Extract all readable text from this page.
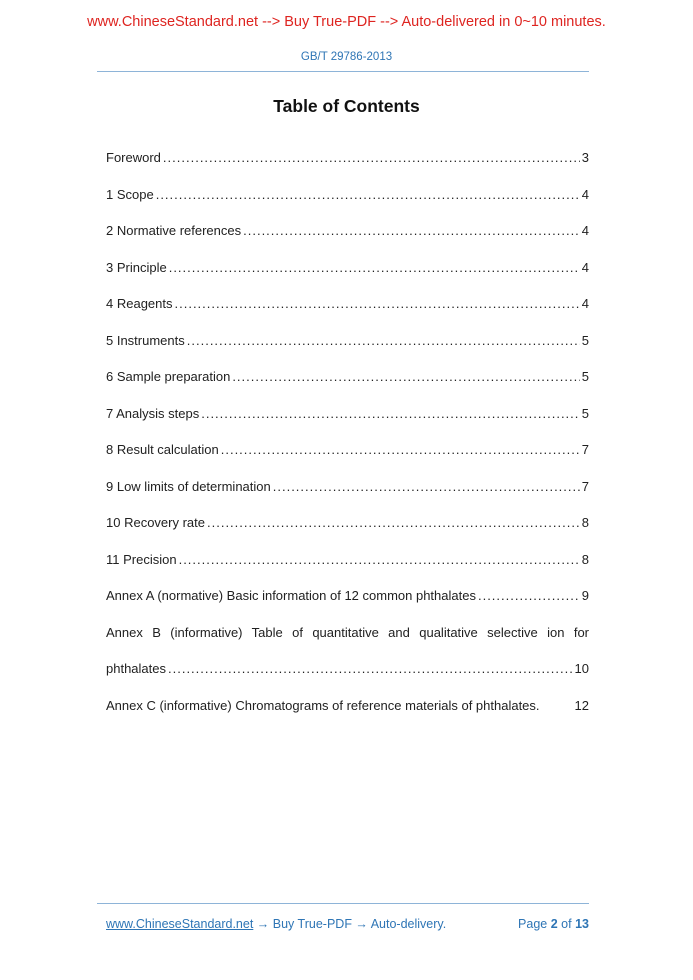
www.ChineseStandard.net --> Buy True-PDF --> Auto-delivered in 0~10 minutes.
GB/T 29786-2013
Table of Contents
Foreword .....	3
1 Scope .....	4
2 Normative references .....	4
3 Principle .....	4
4 Reagents .....	4
5 Instruments .....	5
6 Sample preparation .....	5
7 Analysis steps .....	5
8 Result calculation .....	7
9 Low limits of determination .....	7
10 Recovery rate .....	8
11 Precision .....	8
Annex A (normative) Basic information of 12 common phthalates .....	9
Annex B (informative) Table of quantitative and qualitative selective ion for
phthalates .....	10
Annex C (informative) Chromatograms of reference materials of phthalates.	12
www.ChineseStandard.net → Buy True-PDF → Auto-delivery.	Page 2 of 13
